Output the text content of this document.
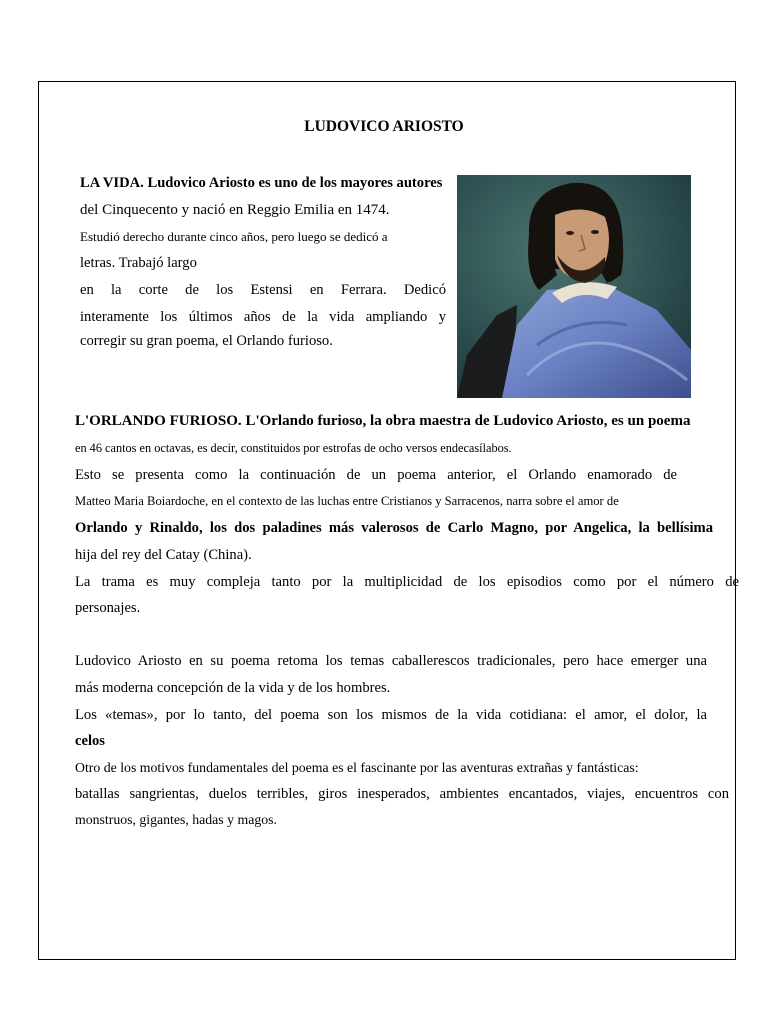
LUDOVICO ARIOSTO
LA VIDA. Ludovico Ariosto es uno de los mayores autores
del Cinquecento y nació en Reggio Emilia en 1474.
Estudió derecho durante cinco años, pero luego se dedicó a
letras. Trabajó largo
en la corte de los Estensi en Ferrara. Dedicó
interamente los últimos años de la vida ampliando y
corregir su gran poema, el Orlando furioso.
L'ORLANDO FURIOSO. L'Orlando furioso, la obra maestra de Ludovico Ariosto, es un poema
en 46 cantos en octavas, es decir, constituidos por estrofas de ocho versos endecasílabos.
Esto se presenta como la continuación de un poema anterior, el Orlando enamorado de
Matteo Maria Boiardoche, en el contexto de las luchas entre Cristianos y Sarracenos, narra sobre el amor de
Orlando y Rinaldo, los dos paladines más valerosos de Carlo Magno, por Angelica, la bellísima
hija del rey del Catay (China).
La trama es muy compleja tanto por la multiplicidad de los episodios como por el número de
personajes.
Ludovico Ariosto en su poema retoma los temas caballerescos tradicionales, pero hace emerger una
más moderna concepción de la vida y de los hombres.
Los «temas», por lo tanto, del poema son los mismos de la vida cotidiana: el amor, el dolor, la
celos
Otro de los motivos fundamentales del poema es el fascinante por las aventuras extrañas y fantásticas:
batallas sangrientas, duelos terribles, giros inesperados, ambientes encantados, viajes, encuentros con
monstruos, gigantes, hadas y magos.
